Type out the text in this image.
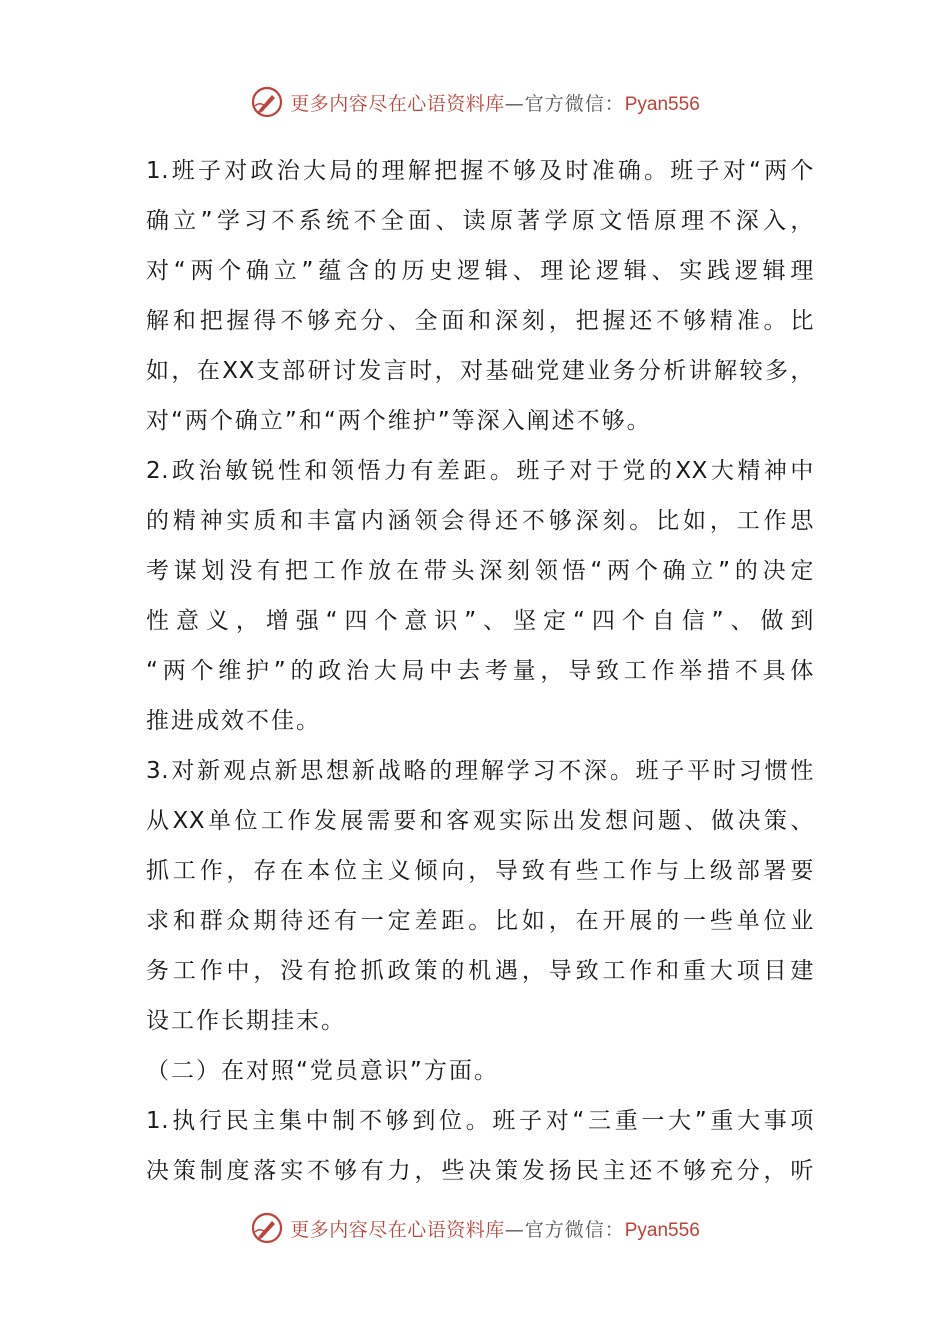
更多内容尽在心语资料库—官方微信：Pyan556
1.班子对政治大局的理解把握不够及时准确。班子对“两个
确立”学习不系统不全面、读原著学原文悟原理不深入，
对“两个确立”蕴含的历史逻辑、理论逻辑、实践逻辑理
解和把握得不够充分、全面和深刻，把握还不够精准。比
如，在XX支部研讨发言时，对基础党建业务分析讲解较多，
对“两个确立”和“两个维护”等深入阐述不够。
2.政治敏锐性和领悟力有差距。班子对于党的XX大精神中
的精神实质和丰富内涵领会得还不够深刻。比如，工作思
考谋划没有把工作放在带头深刻领悟“两个确立”的决定
性意义，增强“四个意识”、坚定“四个自信”、做到
“两个维护”的政治大局中去考量，导致工作举措不具体
推进成效不佳。
3.对新观点新思想新战略的理解学习不深。班子平时习惯性
从XX单位工作发展需要和客观实际出发想问题、做决策、
抓工作，存在本位主义倾向，导致有些工作与上级部署要
求和群众期待还有一定差距。比如，在开展的一些单位业
务工作中，没有抢抓政策的机遇，导致工作和重大项目建
设工作长期挂末。
（二）在对照“党员意识”方面。
1.执行民主集中制不够到位。班子对“三重一大”重大事项
决策制度落实不够有力，些决策发扬民主还不够充分，听
更多内容尽在心语资料库—官方微信：Pyan556
